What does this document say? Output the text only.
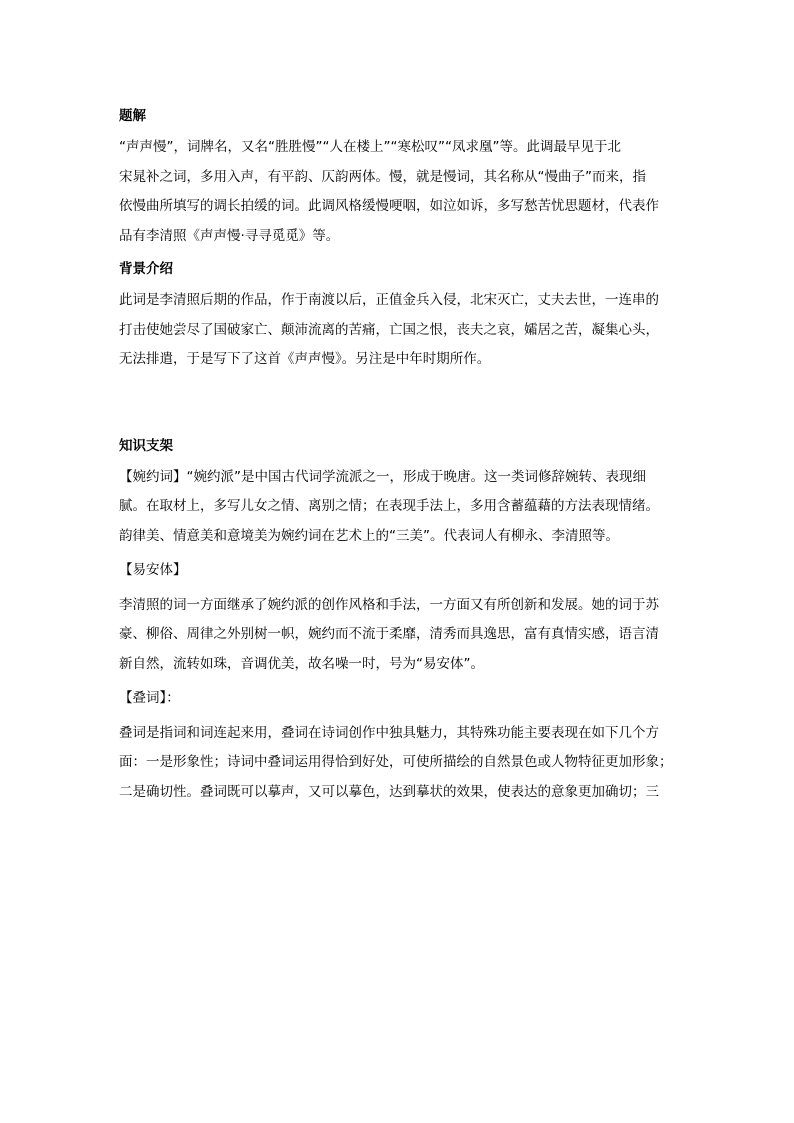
题解
“声声慢”，词牌名，又名“胜胜慢”“人在楼上”“寒松叹”“凤求凰”等。此调最早见于北
宋晁补之词，多用入声，有平韵、仄韵两体。慢，就是慢词，其名称从“慢曲子”而来，指
依慢曲所填写的调长拍缓的词。此调风格缓慢哽咽，如泣如诉，多写愁苦忧思题材，代表作
品有李清照《声声慢·寻寻觅觅》等。
背景介绍
此词是李清照后期的作品，作于南渡以后，正值金兵入侵，北宋灭亡，丈夫去世，一连串的
打击使她尝尽了国破家亡、颠沛流离的苦痛，亡国之恨，丧夫之哀，孀居之苦，凝集心头，
无法排遣，于是写下了这首《声声慢》。另注是中年时期所作。
知识支架
【婉约词】“婉约派”是中国古代词学流派之一，形成于晚唐。这一类词修辞婉转、表现细
腻。在取材上，多写儿女之情、离别之情；在表现手法上，多用含蓄蕴藉的方法表现情绪。
韵律美、情意美和意境美为婉约词在艺术上的“三美”。代表词人有柳永、李清照等。
【易安体】
李清照的词一方面继承了婉约派的创作风格和手法，一方面又有所创新和发展。她的词于苏
豪、柳俗、周律之外别树一帜，婉约而不流于柔靡，清秀而具逸思，富有真情实感，语言清
新自然，流转如珠，音调优美，故名噪一时，号为“易安体”。
【叠词】：
叠词是指词和词连起来用，叠词在诗词创作中独具魅力，其特殊功能主要表现在如下几个方
面：一是形象性；诗词中叠词运用得恰到好处，可使所描绘的自然景色或人物特征更加形象；
二是确切性。叠词既可以摹声，又可以摹色，达到摹状的效果，使表达的意象更加确切；三
